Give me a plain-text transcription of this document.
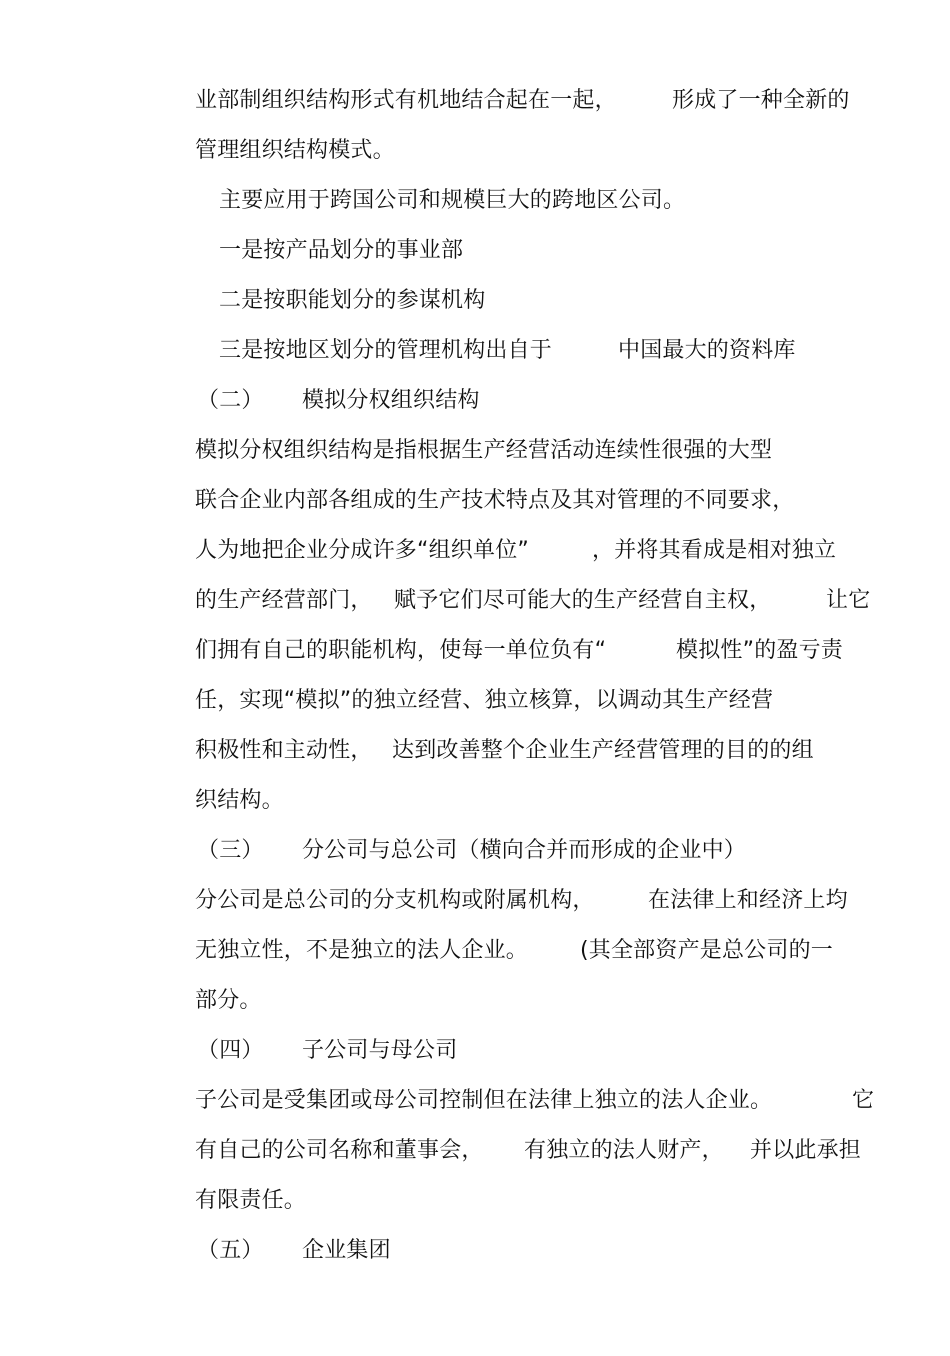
业部制组织结构形式有机地结合起在一起，

	形成了一种全新的

管理组织结构模式。

主要应用于跨国公司和规模巨大的跨地区公司。

一是按产品划分的事业部

二是按职能划分的参谋机构

三是按地区划分的管理机构出自于

	中国最大的资料库

（二）

模拟分权组织结构

模拟分权组织结构是指根据生产经营活动连续性很强的大型

联合企业内部各组成的生产技术特点及其对管理的不同要求，

人为地把企业分成许多“组织单位”

	，并将其看成是相对独立

的生产经营部门，

赋予它们尽可能大的生产经营自主权，

让它

们拥有自己的职能机构，使每一单位负有“

	模拟性”的盈亏责

任，实现“模拟”的独立经营、独立核算，以调动其生产经营

积极性和主动性，

达到改善整个企业生产经营管理的目的的组

织结构。

（三）

分公司与总公司（横向合并而形成的企业中）

分公司是总公司的分支机构或附属机构，

在法律上和经济上均

无独立性，不是独立的法人企业。

(其全部资产是总公司的一

部分。

（四）

子公司与母公司

子公司是受集团或母公司控制但在法律上独立的法人企业。

	它

有自己的公司名称和董事会，

有独立的法人财产，

并以此承担

有限责任。

（五）

企业集团
